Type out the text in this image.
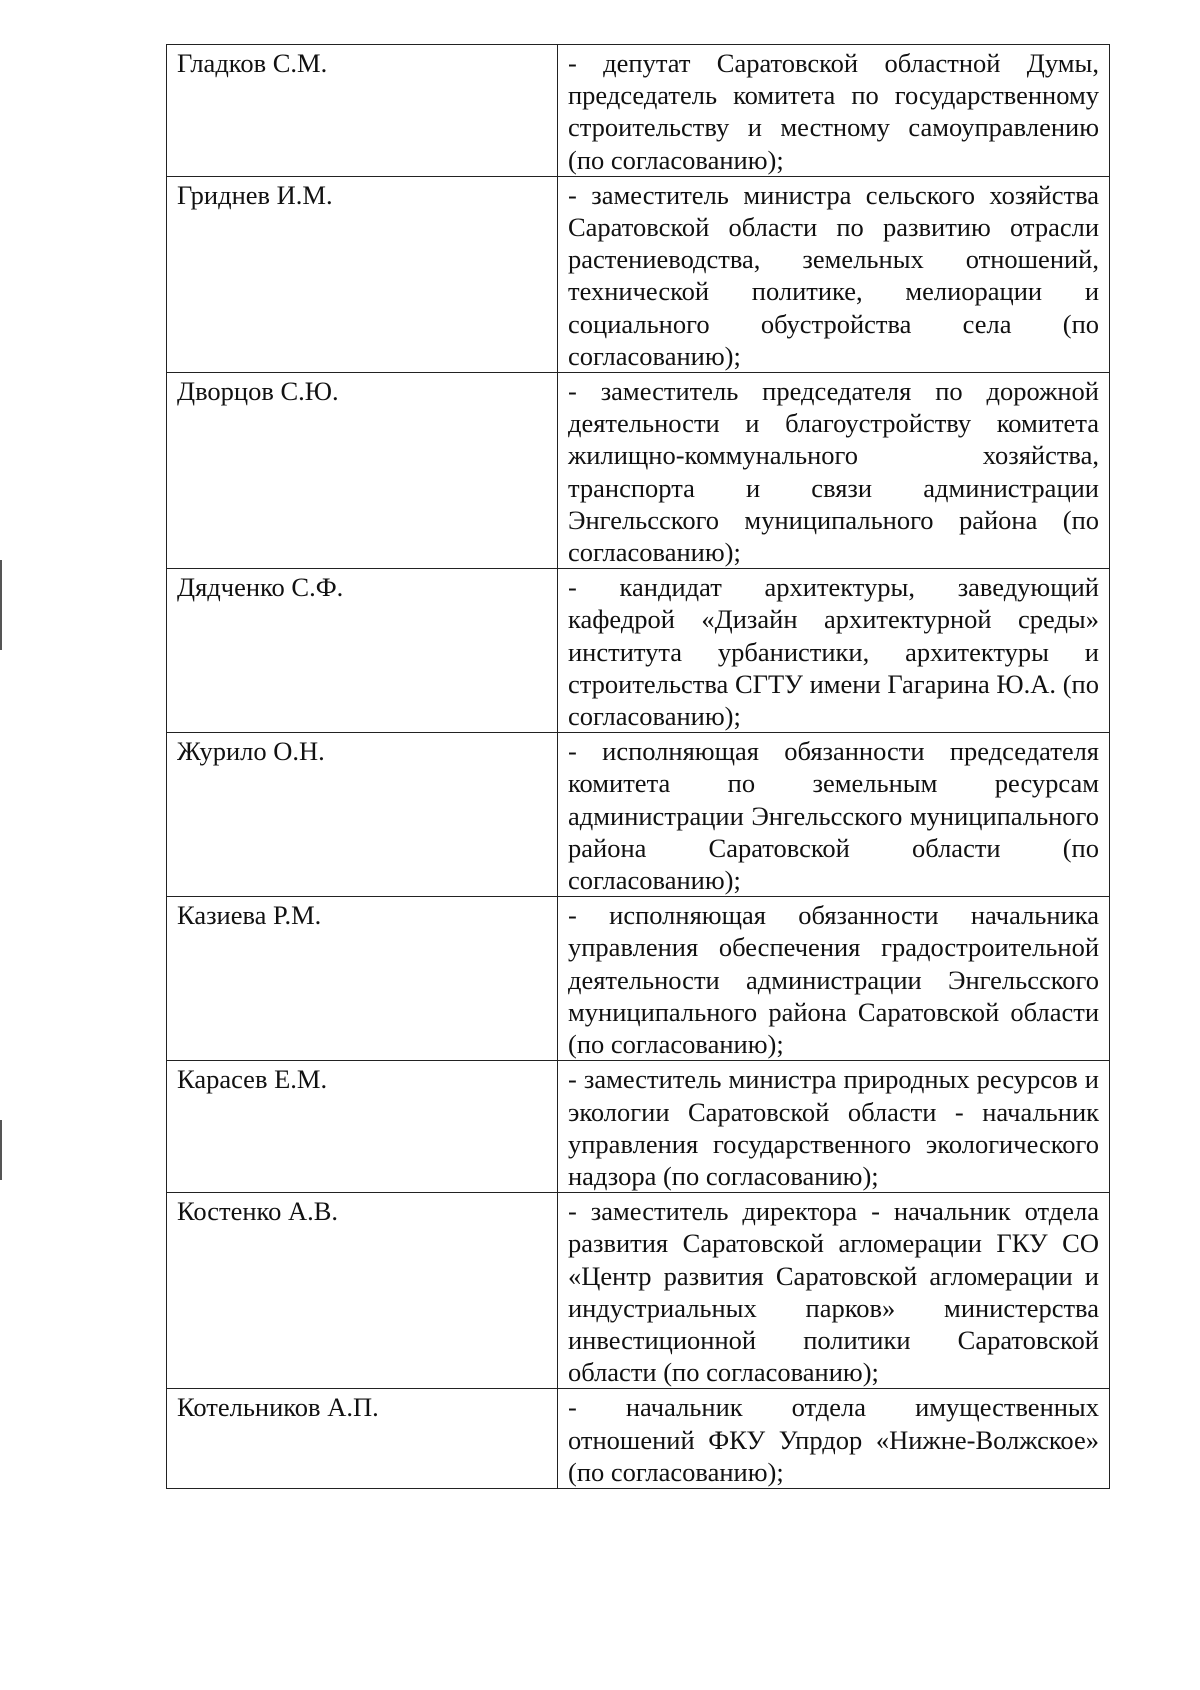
Гладков С.М.	- депутат Саратовской областной Думы, председатель комитета по государственному строительству и местному самоуправлению (по согласованию);
Гриднев И.М.	- заместитель министра сельского хозяйства Саратовской области по развитию отрасли растениеводства, земельных отношений, технической политике, мелиорации и социального обустройства села (по согласованию);
Дворцов С.Ю.	- заместитель председателя по дорожной деятельности и благоустройству комитета жилищно-коммунального хозяйства, транспорта и связи администрации Энгельсского муниципального района (по согласованию);
Дядченко С.Ф.	- кандидат архитектуры, заведующий кафедрой «Дизайн архитектурной среды» института урбанистики, архитектуры и строительства СГТУ имени Гагарина Ю.А. (по согласованию);
Журило О.Н.	- исполняющая обязанности председателя комитета по земельным ресурсам администрации Энгельсского муниципального района Саратовской области (по согласованию);
Казиева Р.М.	- исполняющая обязанности начальника управления обеспечения градостроительной деятельности администрации Энгельсского муниципального района Саратовской области (по согласованию);
Карасев Е.М.	- заместитель министра природных ресурсов и экологии Саратовской области - начальник управления государственного экологического надзора (по согласованию);
Костенко А.В.	- заместитель директора - начальник отдела развития Саратовской агломерации ГКУ СО «Центр развития Саратовской агломерации и индустриальных парков» министерства инвестиционной политики Саратовской области (по согласованию);
Котельников А.П.	- начальник отдела имущественных отношений ФКУ Упрдор «Нижне-Волжское» (по согласованию);
